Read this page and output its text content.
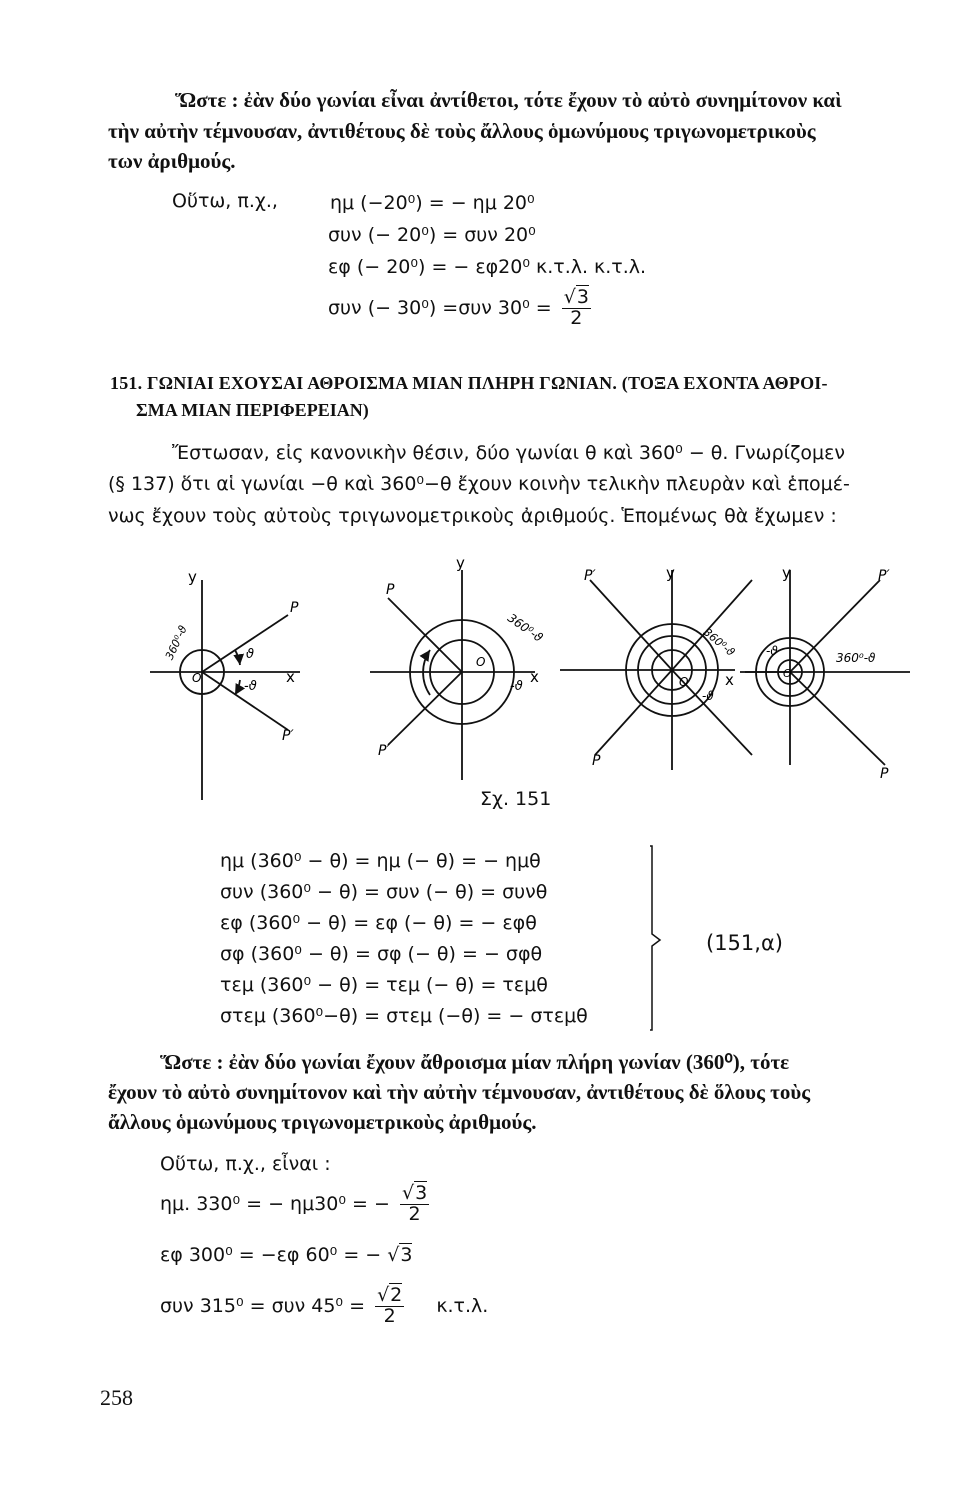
Ὥστε : ἐὰν δύο γωνίαι εἶναι ἀντίθετοι, τότε ἔχουν τὸ αὐτὸ συνημίτονον καὶ
τὴν αὐτὴν τέμνουσαν, ἀντιθέτους δὲ τοὺς ἄλλους ὁμωνύμους τριγωνομετρικοὺς
των ἀριθμούς.
Οὕτω, π.χ.,	ημ (−20⁰) = − ημ 20⁰
συν (− 20⁰) = συν 20⁰
εφ (− 20⁰) = − εφ20⁰ κ.τ.λ. κ.τ.λ.
συν (− 30⁰) =συν $30^0 = \frac{√3}{2}$
151. ΓΩΝΙΑΙ ΕΧΟΥΣΑΙ ΑΘΡΟΙΣΜΑ ΜΙΑΝ ΠΛΗΡΗ ΓΩΝΙΑΝ. (ΤΟΞΑ ΕΧΟΝΤΑ ΑΘΡΟΙ-
ΣΜΑ ΜΙΑΝ ΠΕΡΙΦΕΡΕΙΑΝ)
Ἔστωσαν, εἰς κανονικὴν θέσιν, δύο γωνίαι θ καὶ 360⁰ − θ. Γνωρίζομεν
(§ 137) ὅτι αἱ γωνίαι −θ καὶ 360⁰−θ ἔχουν κοινὴν τελικὴν πλευρὰν καὶ ἑπομέ-
νως ἔχουν τοὺς αὐτοὺς τριγωνομετρικοὺς ἀριθμούς. Ἑπομένως θὰ ἔχωμεν :
y
x
P
P′
ϑ
-ϑ
O
360⁰-ϑ
y
x
P
P′
O
360⁰-ϑ
-ϑ
y
x
P′
P
O
360⁰-ϑ
-ϑ
y	P′
P
O
-ϑ	360⁰-ϑ
Σχ. 151
ημ (360⁰ − θ) = ημ (− θ) = − ημθ
συν (360⁰ − θ) = συν (− θ) = συνθ
εφ (360⁰ − θ) = εφ (− θ) = − εφθ
σφ (360⁰ − θ) = σφ (− θ) = − σφθ
τεμ (360⁰ − θ) = τεμ (− θ) = τεμθ
στεμ (360⁰−θ) = στεμ (−θ) = − στεμθ
(151,α)
Ὥστε : ἐὰν δύο γωνίαι ἔχουν ἄθροισμα μίαν πλήρη γωνίαν (360⁰), τότε
ἔχουν τὸ αὐτὸ συνημίτονον καὶ τὴν αὐτὴν τέμνουσαν, ἀντιθέτους δὲ ὅλους τοὺς
ἄλλους ὁμωνύμους τριγωνομετρικοὺς ἀριθμούς.
Οὕτω, π.χ., εἶναι :
ημ. 330⁰ = − ημ30⁰ = − $\frac{√3}{2}$
εφ 300⁰ = −εφ 60⁰ = − √3
συν 315⁰ = συν $45^0 = \frac{√2}{2} \kappa.\tau.\lambda$.
258
